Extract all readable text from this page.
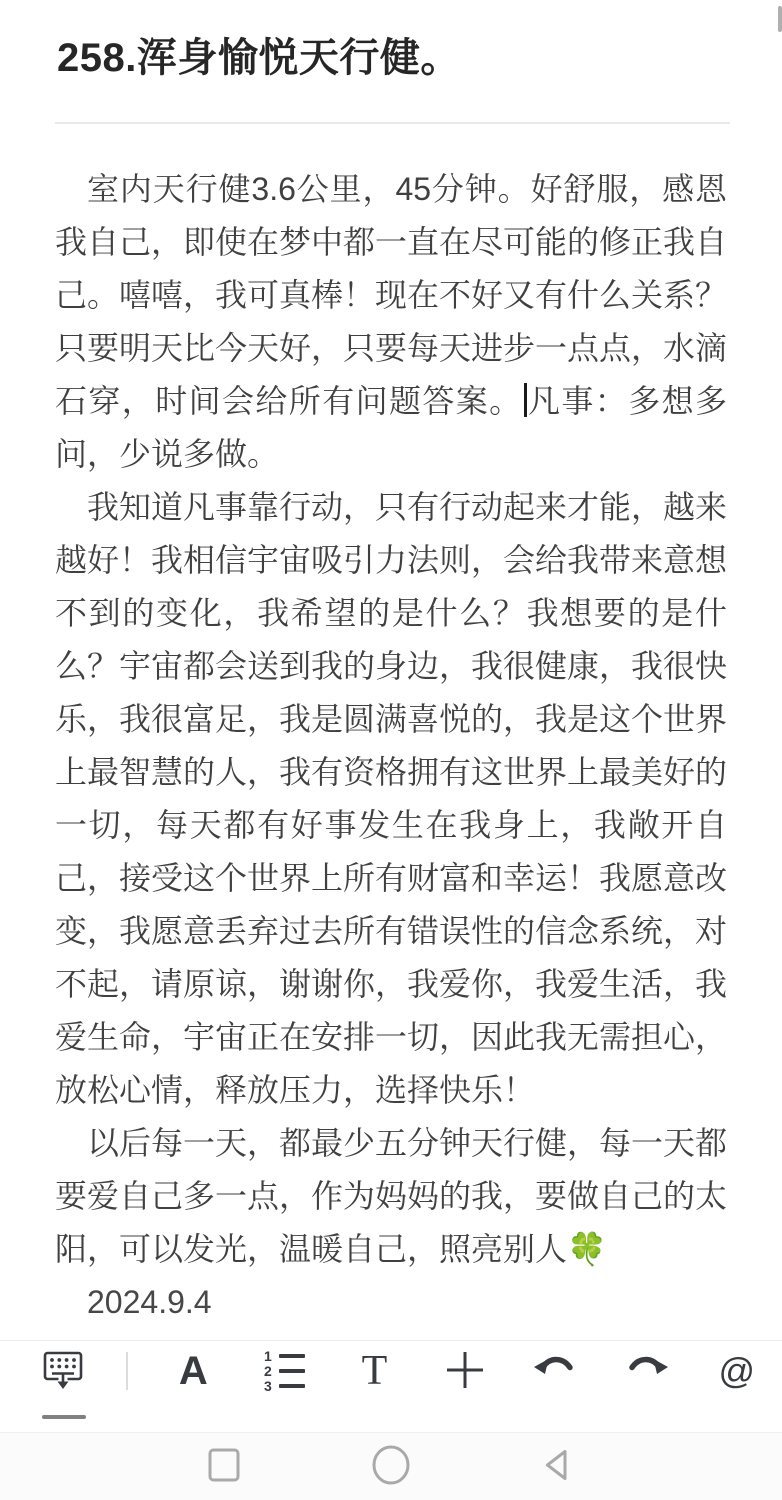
258.浑身愉悦天行健。

室内天行健3.6公里，45分钟。好舒服，感恩我自己，即使在梦中都一直在尽可能的修正我自己。嘻嘻，我可真棒！现在不好又有什么关系？只要明天比今天好，只要每天进步一点点，水滴石穿，时间会给所有问题答案。 凡事：多想多问，少说多做。

我知道凡事靠行动，只有行动起来才能，越来越好！我相信宇宙吸引力法则，会给我带来意想不到的变化，我希望的是什么？我想要的是什么？宇宙都会送到我的身边，我很健康，我很快乐，我很富足，我是圆满喜悦的，我是这个世界上最智慧的人，我有资格拥有这世界上最美好的一切，每天都有好事发生在我身上，我敞开自己，接受这个世界上所有财富和幸运！我愿意改变，我愿意丢弃过去所有错误性的信念系统，对不起，请原谅，谢谢你，我爱你，我爱生活，我爱生命，宇宙正在安排一切，因此我无需担心，放松心情，释放压力，选择快乐！

以后每一天，都最少五分钟天行健，每一天都要爱自己多一点，作为妈妈的我，要做自己的太阳，可以发光，温暖自己，照亮别人🍀

2024.9.4

A	1
2
3 T	@
